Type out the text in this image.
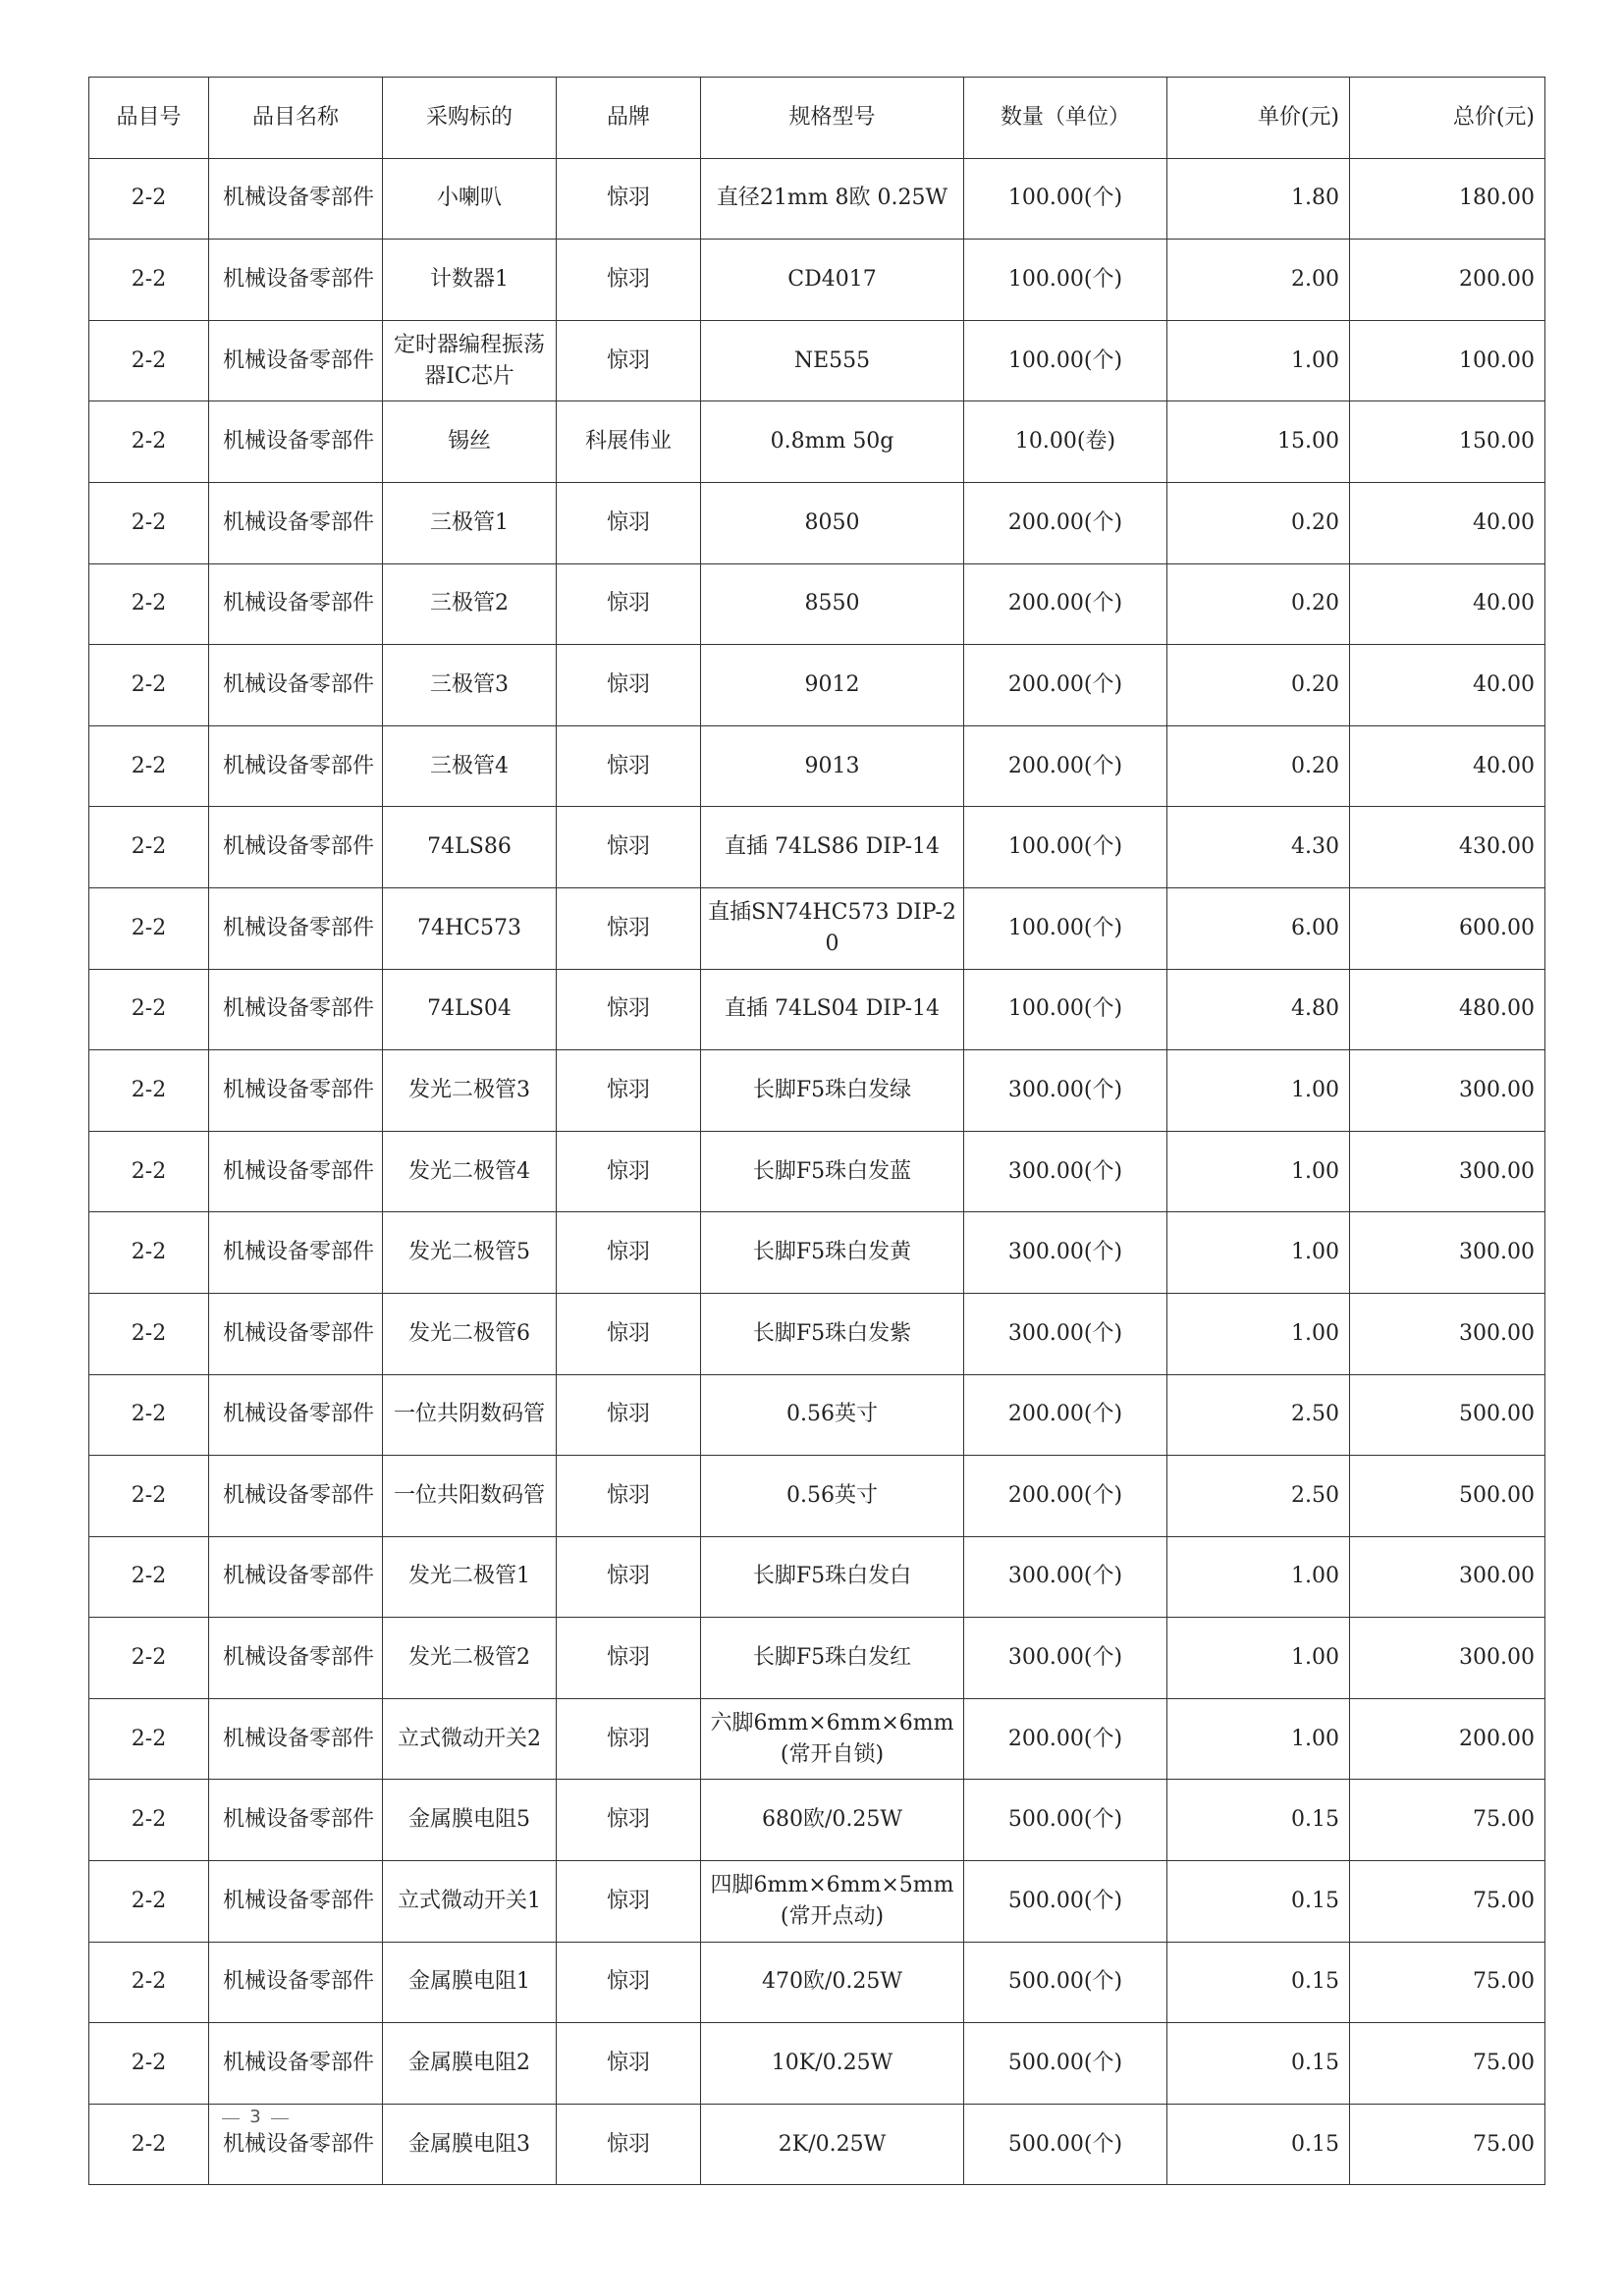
品目号	品目名称	采购标的	品牌	规格型号	数量（单位）	单价(元)	总价(元)
2-2	机械设备零部件	小喇叭	惊羽	直径21mm 8欧 0.25W	100.00(个)	1.80	180.00
2-2	机械设备零部件	计数器1	惊羽	CD4017	100.00(个)	2.00	200.00
2-2	机械设备零部件	定时器编程振荡器IC芯片	惊羽	NE555	100.00(个)	1.00	100.00
2-2	机械设备零部件	锡丝	科展伟业	0.8mm 50g	10.00(卷)	15.00	150.00
2-2	机械设备零部件	三极管1	惊羽	8050	200.00(个)	0.20	40.00
2-2	机械设备零部件	三极管2	惊羽	8550	200.00(个)	0.20	40.00
2-2	机械设备零部件	三极管3	惊羽	9012	200.00(个)	0.20	40.00
2-2	机械设备零部件	三极管4	惊羽	9013	200.00(个)	0.20	40.00
2-2	机械设备零部件	74LS86	惊羽	直插 74LS86 DIP-14	100.00(个)	4.30	430.00
2-2	机械设备零部件	74HC573	惊羽	直插SN74HC573 DIP-20	100.00(个)	6.00	600.00
2-2	机械设备零部件	74LS04	惊羽	直插 74LS04 DIP-14	100.00(个)	4.80	480.00
2-2	机械设备零部件	发光二极管3	惊羽	长脚F5珠白发绿	300.00(个)	1.00	300.00
2-2	机械设备零部件	发光二极管4	惊羽	长脚F5珠白发蓝	300.00(个)	1.00	300.00
2-2	机械设备零部件	发光二极管5	惊羽	长脚F5珠白发黄	300.00(个)	1.00	300.00
2-2	机械设备零部件	发光二极管6	惊羽	长脚F5珠白发紫	300.00(个)	1.00	300.00
2-2	机械设备零部件	一位共阴数码管	惊羽	0.56英寸	200.00(个)	2.50	500.00
2-2	机械设备零部件	一位共阳数码管	惊羽	0.56英寸	200.00(个)	2.50	500.00
2-2	机械设备零部件	发光二极管1	惊羽	长脚F5珠白发白	300.00(个)	1.00	300.00
2-2	机械设备零部件	发光二极管2	惊羽	长脚F5珠白发红	300.00(个)	1.00	300.00
2-2	机械设备零部件	立式微动开关2	惊羽	六脚6mm×6mm×6mm(常开自锁)	200.00(个)	1.00	200.00
2-2	机械设备零部件	金属膜电阻5	惊羽	680欧/0.25W	500.00(个)	0.15	75.00
2-2	机械设备零部件	立式微动开关1	惊羽	四脚6mm×6mm×5mm(常开点动)	500.00(个)	0.15	75.00
2-2	机械设备零部件	金属膜电阻1	惊羽	470欧/0.25W	500.00(个)	0.15	75.00
2-2	机械设备零部件	金属膜电阻2	惊羽	10K/0.25W	500.00(个)	0.15	75.00
2-2	机械设备零部件	金属膜电阻3	惊羽	2K/0.25W	500.00(个)	0.15	75.00
3
